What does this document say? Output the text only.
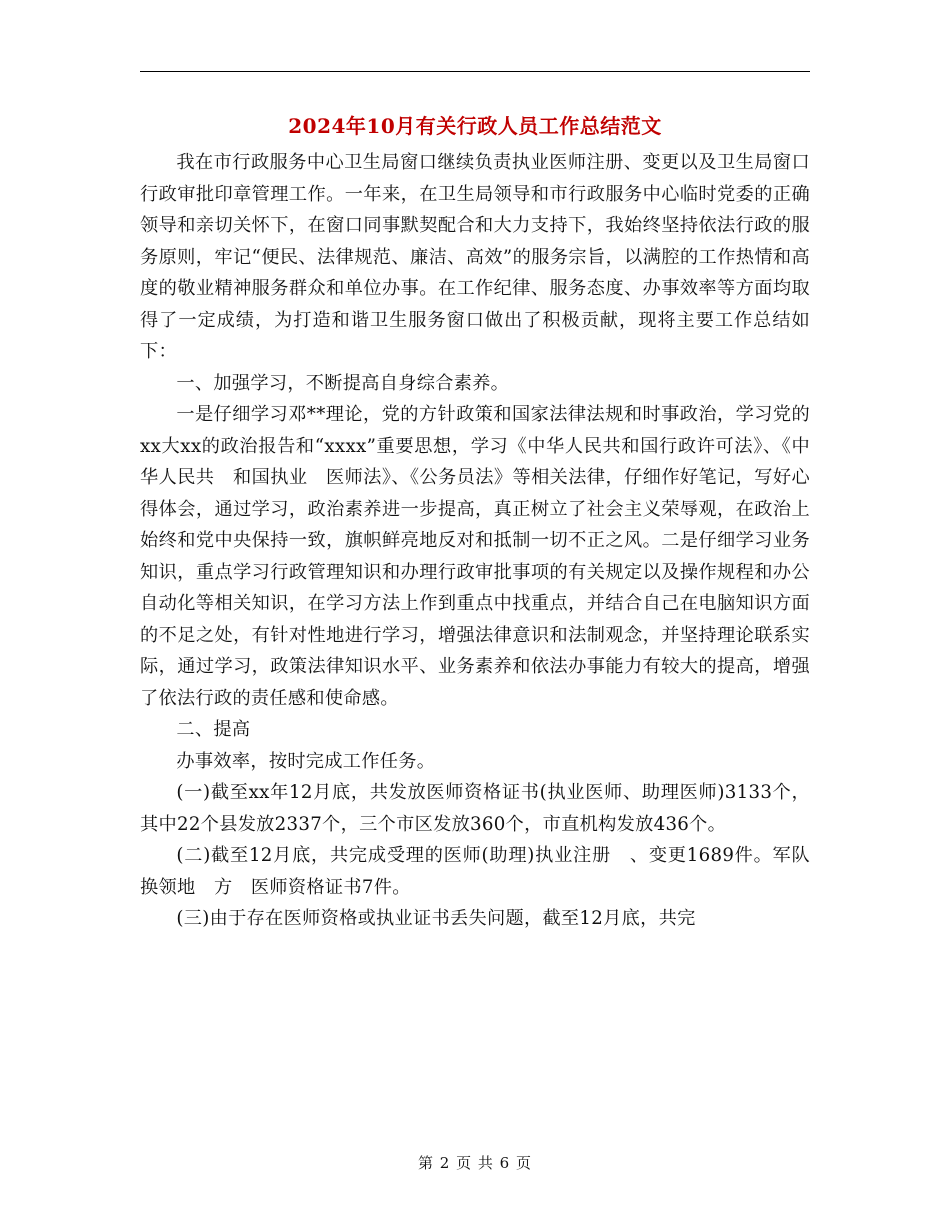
2024年10月有关行政人员工作总结范文

我在市行政服务中心卫生局窗口继续负责执业医师注册、变更以及卫生局窗口行政审批印章管理工作。一年来，在卫生局领导和市行政服务中心临时党委的正确领导和亲切关怀下，在窗口同事默契配合和大力支持下，我始终坚持依法行政的服务原则，牢记“便民、法律规范、廉洁、高效”的服务宗旨，以满腔的工作热情和高度的敬业精神服务群众和单位办事。在工作纪律、服务态度、办事效率等方面均取得了一定成绩，为打造和谐卫生服务窗口做出了积极贡献，现将主要工作总结如下：

一、加强学习，不断提高自身综合素养。

一是仔细学习邓**理论，党的方针政策和国家法律法规和时事政治，学习党的xx大xx的政治报告和“xxxx”重要思想，学习《中华人民共和国行政许可法》、《中华人民共　和国执业　医师法》、《公务员法》等相关法律，仔细作好笔记，写好心得体会，通过学习，政治素养进一步提高，真正树立了社会主义荣辱观，在政治上始终和党中央保持一致，旗帜鲜亮地反对和抵制一切不正之风。二是仔细学习业务知识，重点学习行政管理知识和办理行政审批事项的有关规定以及操作规程和办公自动化等相关知识，在学习方法上作到重点中找重点，并结合自己在电脑知识方面的不足之处，有针对性地进行学习，增强法律意识和法制观念，并坚持理论联系实际，通过学习，政策法律知识水平、业务素养和依法办事能力有较大的提高，增强了依法行政的责任感和使命感。

二、提高

办事效率，按时完成工作任务。

(一)截至xx年12月底，共发放医师资格证书(执业医师、助理医师)3133个，其中22个县发放2337个，三个市区发放360个，市直机构发放436个。

(二)截至12月底，共完成受理的医师(助理)执业注册　、变更1689件。军队换领地　方　医师资格证书7件。

(三)由于存在医师资格或执业证书丢失问题，截至12月底，共完

第 2 页 共 6 页
